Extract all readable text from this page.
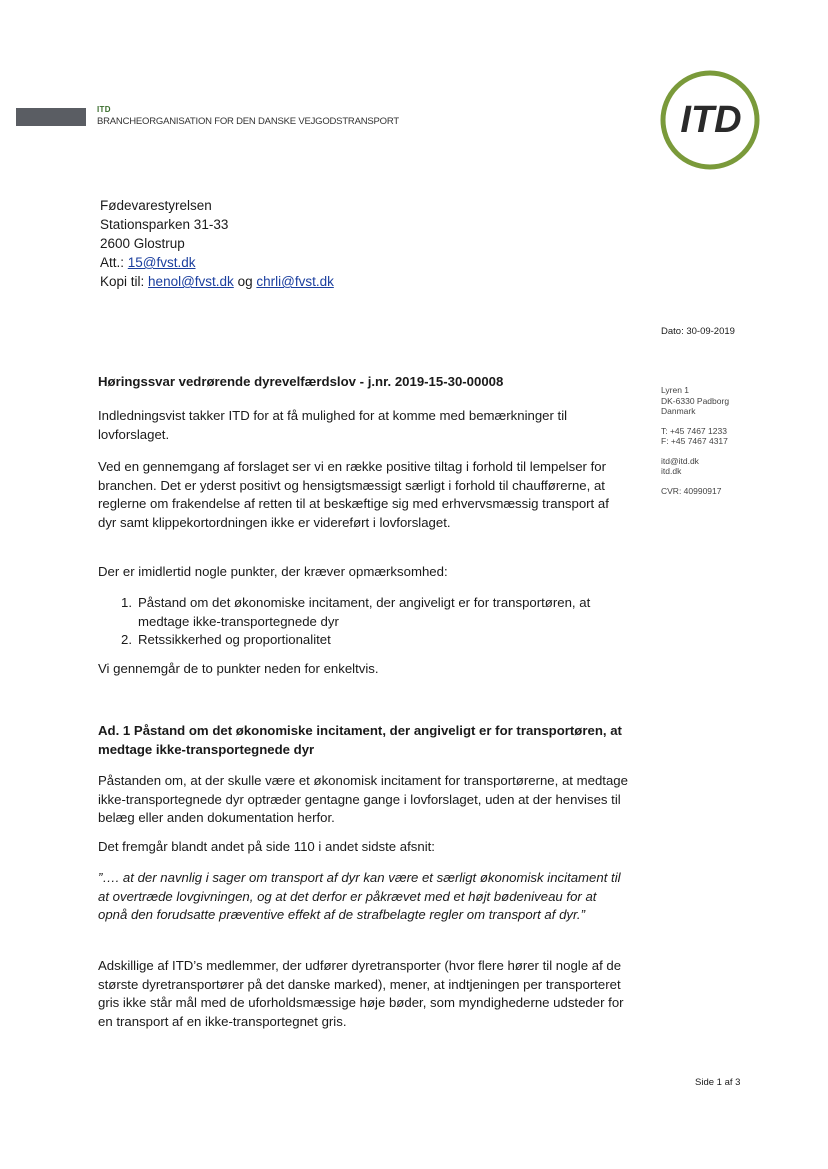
ITD
BRANCHEORGANISATION FOR DEN DANSKE VEJGODSTRANSPORT	ITD
Fødevarestyrelsen
Stationsparken 31-33
2600 Glostrup
Att.: 15@fvst.dk
Kopi til: henol@fvst.dk og chrli@fvst.dk
Dato: 30-09-2019
Lyren 1
DK-6330 Padborg
Danmark
T: +45 7467 1233
F: +45 7467 4317
itd@itd.dk
itd.dk
CVR: 40990917
Høringssvar vedrørende dyrevelfærdslov - j.nr. 2019-15-30-00008
Indledningsvist takker ITD for at få mulighed for at komme med bemærkninger til lovforslaget.
Ved en gennemgang af forslaget ser vi en række positive tiltag i forhold til lempelser for branchen. Det er yderst positivt og hensigtsmæssigt særligt i forhold til chaufførerne, at reglerne om frakendelse af retten til at beskæftige sig med erhvervsmæssig transport af dyr samt klippekortordningen ikke er videreført i lovforslaget.
Der er imidlertid nogle punkter, der kræver opmærksomhed:
1. Påstand om det økonomiske incitament, der angiveligt er for transportøren, at medtage ikke-transportegnede dyr
2. Retssikkerhed og proportionalitet
Vi gennemgår de to punkter neden for enkeltvis.
Ad. 1 Påstand om det økonomiske incitament, der angiveligt er for transportøren, at medtage ikke-transportegnede dyr
Påstanden om, at der skulle være et økonomisk incitament for transportørerne, at medtage ikke-transportegnede dyr optræder gentagne gange i lovforslaget, uden at der henvises til belæg eller anden dokumentation herfor.
Det fremgår blandt andet på side 110 i andet sidste afsnit:
”…. at der navnlig i sager om transport af dyr kan være et særligt økonomisk incitament til at overtræde lovgivningen, og at det derfor er påkrævet med et højt bødeniveau for at opnå den forudsatte præventive effekt af de strafbelagte regler om transport af dyr.”
Adskillige af ITD’s medlemmer, der udfører dyretransporter (hvor flere hører til nogle af de største dyretransportører på det danske marked), mener, at indtjeningen per transporteret gris ikke står mål med de uforholdsmæssige høje bøder, som myndighederne udsteder for en transport af en ikke-transportegnet gris.
Side 1 af 3
